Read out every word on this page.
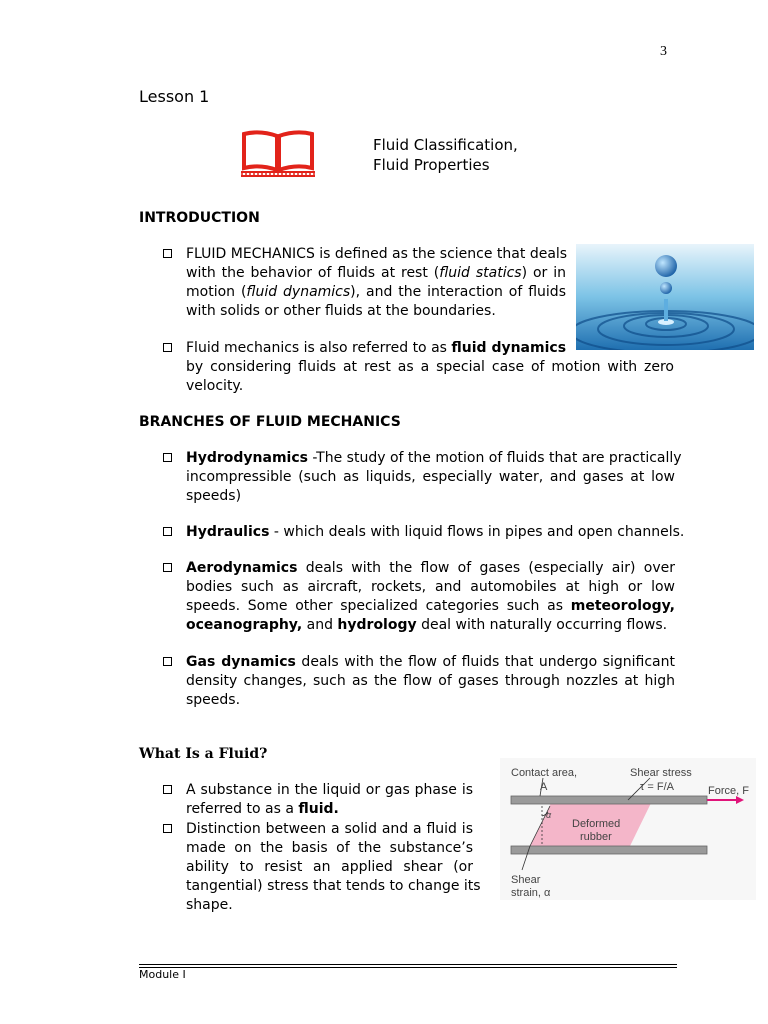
3
Lesson 1
Fluid Classification,
Fluid Properties
INTRODUCTION
FLUID MECHANICS is defined as the science that deals
with the behavior of fluids at rest (fluid statics) or in
motion (fluid dynamics), and the interaction of fluids
with solids or other fluids at the boundaries.
Fluid mechanics is also referred to as fluid dynamics
by considering fluids at rest as a special case of motion with zero
velocity.
BRANCHES OF FLUID MECHANICS
Hydrodynamics -The study of the motion of fluids that are practically
incompressible (such as liquids, especially water, and gases at low
speeds)
Hydraulics - which deals with liquid flows in pipes and open channels.
Aerodynamics deals with the flow of gases (especially air) over
bodies such as aircraft, rockets, and automobiles at high or low
speeds. Some other specialized categories such as meteorology,
oceanography, and hydrology deal with naturally occurring flows.
Gas dynamics deals with the flow of fluids that undergo significant
density changes, such as the flow of gases through nozzles at high
speeds.
What Is a Fluid?
A substance in the liquid or gas phase is
referred to as a fluid.
Distinction between a solid and a fluid is
made on the basis of the substance’s
ability to resist an applied shear (or
tangential) stress that tends to change its
shape.
Contact area,
A
Shear stress
τ = F/A	Force, F
α
Deformed
rubber
Shear
strain, α
Module I
